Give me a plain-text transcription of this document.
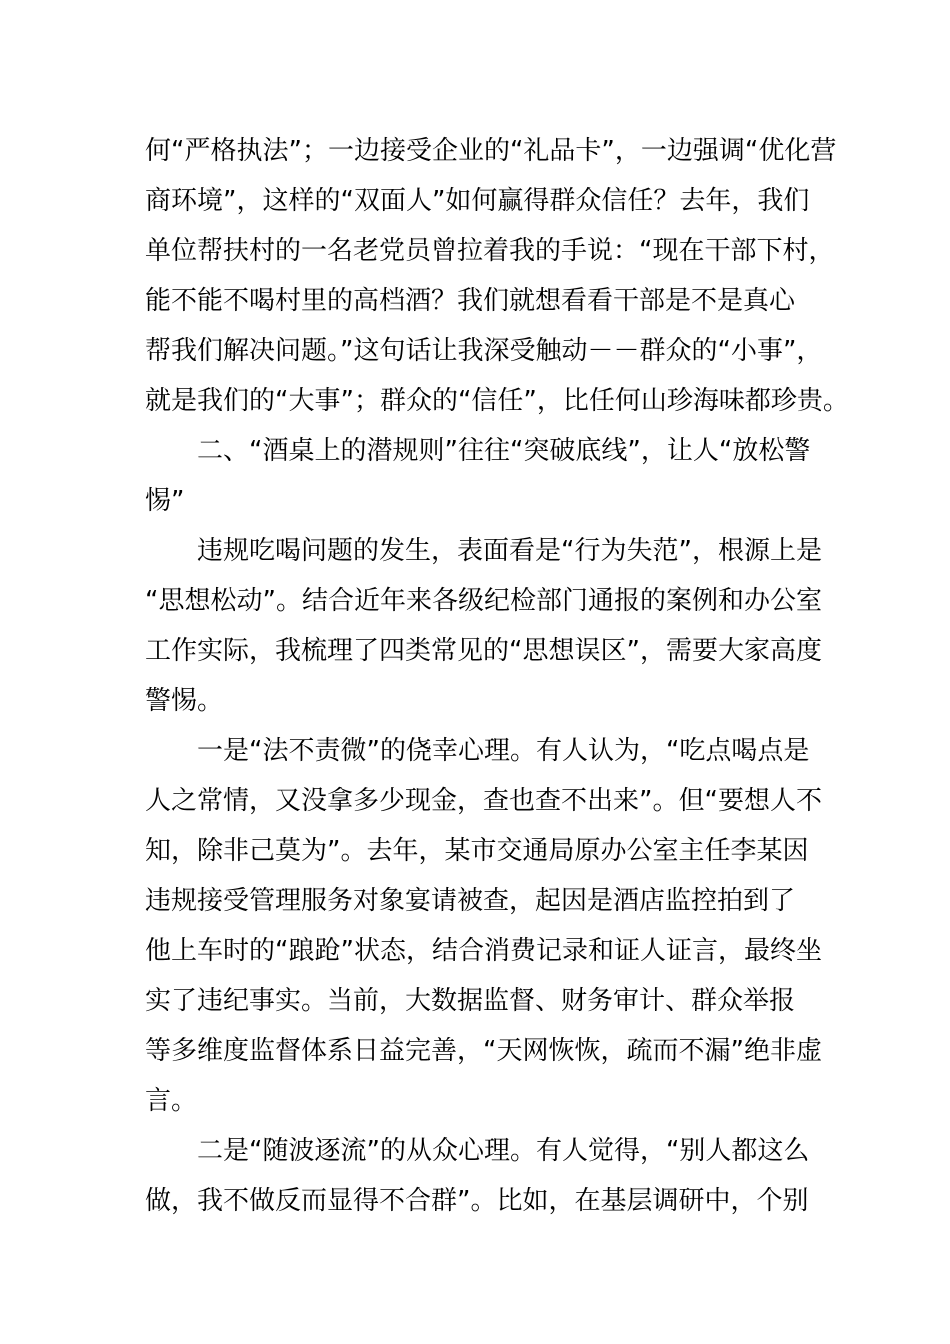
何“严格执法”；一边接受企业的“礼品卡”，一边强调“优化营
商环境”，这样的“双面人”如何赢得群众信任？去年，我们
单位帮扶村的一名老党员曾拉着我的手说：“现在干部下村，
能不能不喝村里的高档酒？我们就想看看干部是不是真心
帮我们解决问题。”这句话让我深受触动－－群众的“小事”，
就是我们的“大事”；群众的“信任”，比任何山珍海味都珍贵。
二、“酒桌上的潜规则”往往“突破底线”，让人“放松警
惕”
违规吃喝问题的发生，表面看是“行为失范”，根源上是
“思想松动”。结合近年来各级纪检部门通报的案例和办公室
工作实际，我梳理了四类常见的“思想误区”，需要大家高度
警惕。
一是“法不责微”的侥幸心理。有人认为，“吃点喝点是
人之常情，又没拿多少现金，查也查不出来”。但“要想人不
知，除非己莫为”。去年，某市交通局原办公室主任李某因
违规接受管理服务对象宴请被查，起因是酒店监控拍到了
他上车时的“踉跄”状态，结合消费记录和证人证言，最终坐
实了违纪事实。当前，大数据监督、财务审计、群众举报
等多维度监督体系日益完善，“天网恢恢，疏而不漏”绝非虚
言。
二是“随波逐流”的从众心理。有人觉得，“别人都这么
做，我不做反而显得不合群”。比如，在基层调研中，个别
